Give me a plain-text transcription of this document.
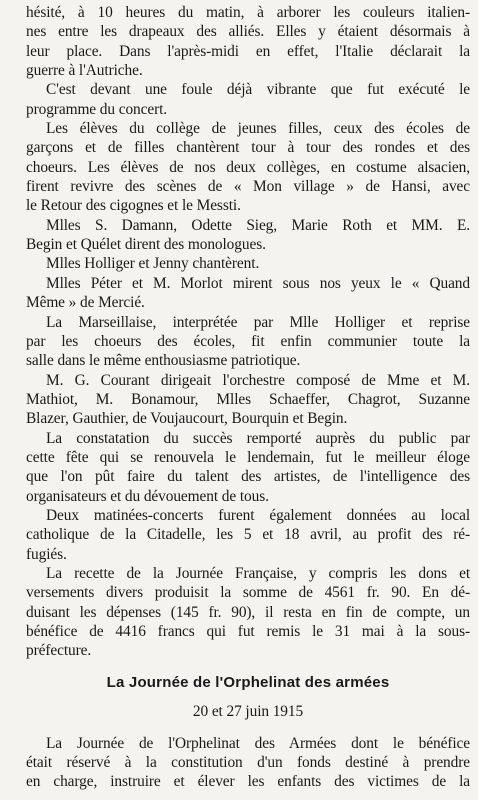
hésité, à 10 heures du matin, à arborer les couleurs italien-
nes entre les drapeaux des alliés. Elles y étaient désormais à
leur place. Dans l'après-midi en effet, l'Italie déclarait la
guerre à l'Autriche.

C'est devant une foule déjà vibrante que fut exécuté le
programme du concert.

Les élèves du collège de jeunes filles, ceux des écoles de
garçons et de filles chantèrent tour à tour des rondes et des
choeurs. Les élèves de nos deux collèges, en costume alsacien,
firent revivre des scènes de « Mon village » de Hansi, avec
le Retour des cigognes et le Messti.

Mlles S. Damann, Odette Sieg, Marie Roth et MM. E.
Begin et Quélet dirent des monologues.

Mlles Holliger et Jenny chantèrent.

Mlles Péter et M. Morlot mirent sous nos yeux le « Quand
Même » de Mercié.

La Marseillaise, interprétée par Mlle Holliger et reprise
par les choeurs des écoles, fit enfin communier toute la
salle dans le même enthousiasme patriotique.

M. G. Courant dirigeait l'orchestre composé de Mme et M.
Mathiot, M. Bonamour, Mlles Schaeffer, Chagrot, Suzanne
Blazer, Gauthier, de Voujaucourt, Bourquin et Begin.

La constatation du succès remporté auprès du public par
cette fête qui se renouvela le lendemain, fut le meilleur éloge
que l'on pût faire du talent des artistes, de l'intelligence des
organisateurs et du dévouement de tous.

Deux matinées-concerts furent également données au local
catholique de la Citadelle, les 5 et 18 avril, au profit des ré-
fugiés.

La recette de la Journée Française, y compris les dons et
versements divers produisit la somme de 4561 fr. 90. En dé-
duisant les dépenses (145 fr. 90), il resta en fin de compte, un
bénéfice de 4416 francs qui fut remis le 31 mai à la sous-
préfecture.

La Journée de l'Orphelinat des armées
20 et 27 juin 1915

La Journée de l'Orphelinat des Armées dont le bénéfice
était réservé à la constitution d'un fonds destiné à prendre
en charge, instruire et élever les enfants des victimes de la
